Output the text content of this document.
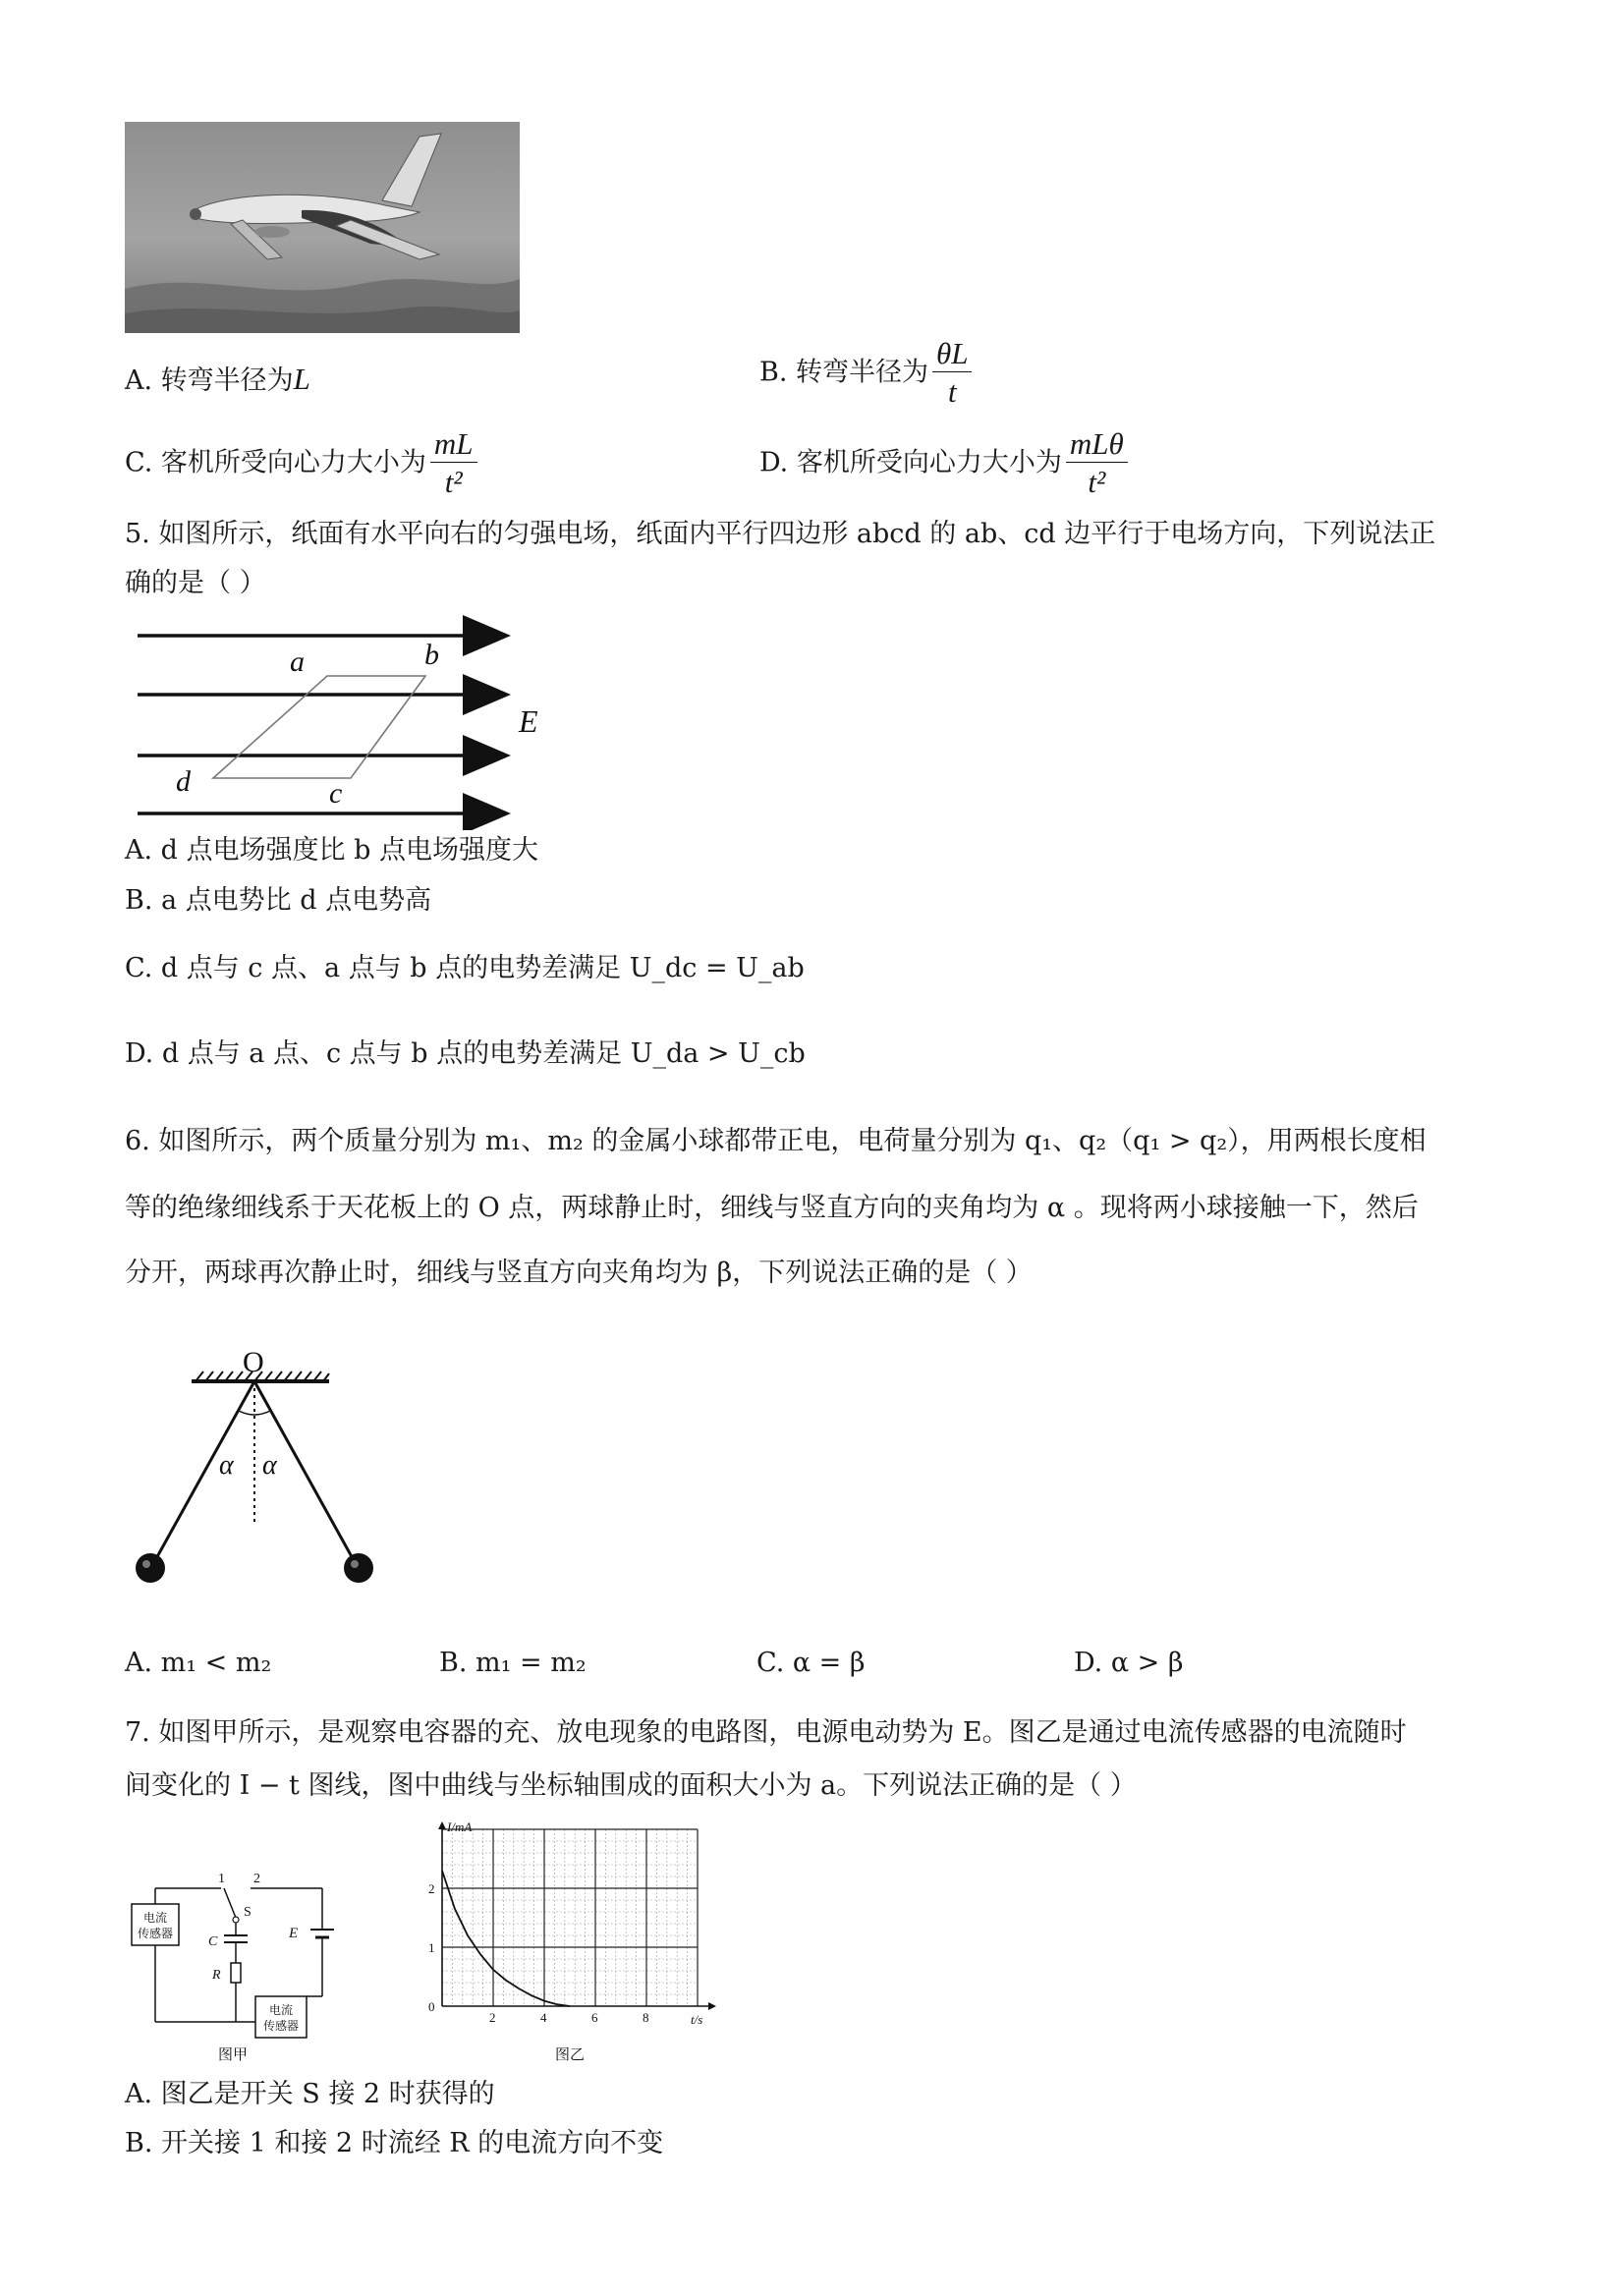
A. 转弯半径为L	B. 转弯半径为 $\frac{\theta L}{t}$
C. 客机所受向心力大小为 $\frac{mL}{\text{t²}}$	D. 客机所受向心力大小为 $\frac{\text{mLθ}}{\text{t²}}$
5. 如图所示，纸面有水平向右的匀强电场，纸面内平行四边形 abcd 的 ab、cd 边平行于电场方向，下列说法正
确的是（ ）
a	b
c
d
E
A. d 点电场强度比 b 点电场强度大
B. a 点电势比 d 点电势高
C. d 点与 c 点、a 点与 b 点的电势差满足 U_dc = U_ab
D. d 点与 a 点、c 点与 b 点的电势差满足 U_da > U_cb
6. 如图所示，两个质量分别为 m₁、m₂ 的金属小球都带正电，电荷量分别为 q₁、q₂（q₁ > q₂），用两根长度相
等的绝缘细线系于天花板上的 O 点，两球静止时，细线与竖直方向的夹角均为 α 。现将两小球接触一下，然后
分开，两球再次静止时，细线与竖直方向夹角均为 β，下列说法正确的是（ ）
O
α α
A. m₁ < m₂	B. m₁ = m₂	C. α = β	D. α > β
7. 如图甲所示，是观察电容器的充、放电现象的电路图，电源电动势为 E。图乙是通过电流传感器的电流随时
间变化的 I − t 图线，图中曲线与坐标轴围成的面积大小为 a。下列说法正确的是（ ）
E
电流
传感器
1 2
S
C
R
电流
传感器
图甲
I/mA
t/s
0
2	4	6	8
1
2
图乙
A. 图乙是开关 S 接 2 时获得的
B. 开关接 1 和接 2 时流经 R 的电流方向不变
